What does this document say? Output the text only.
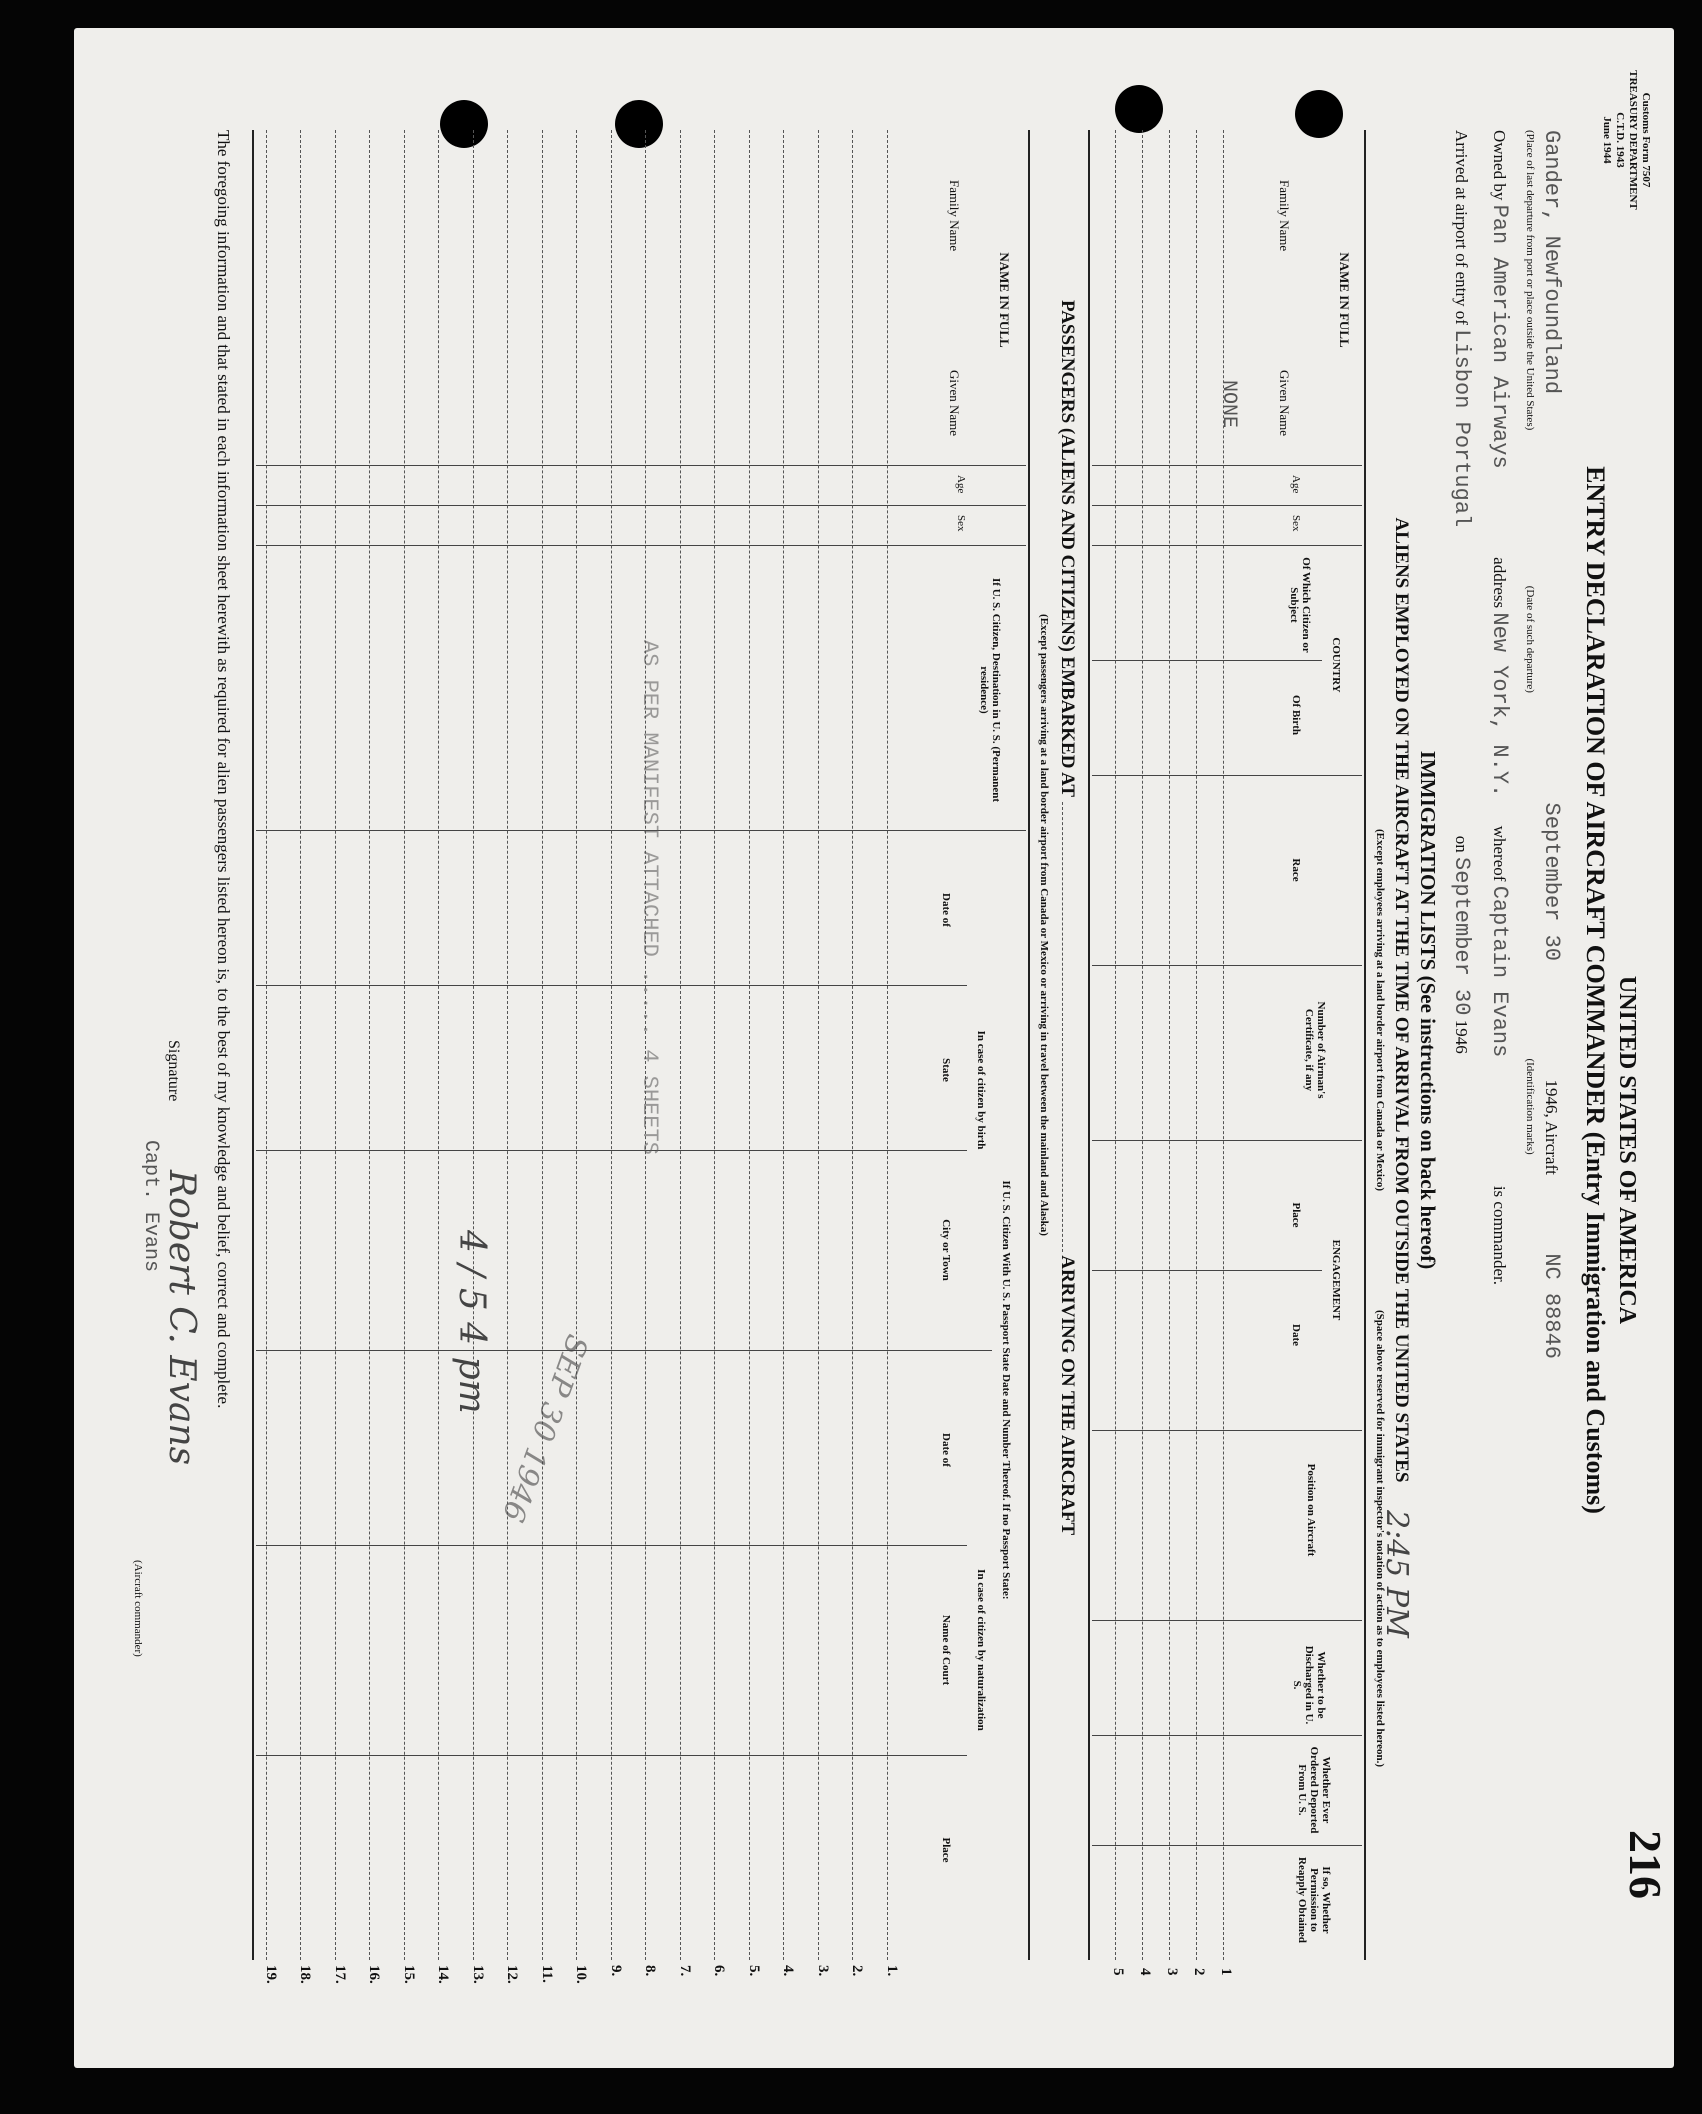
216
Customs Form 7507
TREASURY DEPARTMENT
C.T.D. 1943
June 1944
UNITED STATES OF AMERICA
ENTRY DECLARATION OF AIRCRAFT COMMANDER (Entry Immigration and Customs)
Gander, Newfoundland  September 30  1946, Aircraft  NC 88846
(Place of last departure from port or place outside the United States)  (Date of such departure)  (Identification marks)
Owned by Pan American Airways  address New York, N.Y.  whereof Captain Evans  is commander.
Arrived at airport of entry of Lisbon Portugal  on September 30 1946
IMMIGRATION LISTS (See instructions on back hereof)
ALIENS EMPLOYED ON THE AIRCRAFT AT THE TIME OF ARRIVAL FROM OUTSIDE THE UNITED STATES
(Except employees arriving at a land border airport from Canada or Mexico)
(Space above reserved for immigrant inspector's notation of action as to employees listed hereon.)
2:45 PM
NAME IN FULL
Family Name
Given Name
Age
Sex
COUNTRY
Of Which Citizen or Subject
Of Birth
Race
Number of Airman's Certificate, if any
ENGAGEMENT
Place
Date
Position on Aircraft
Whether to be Discharged in U. S.
Whether Ever Ordered Deported From U. S.
If so, Whether Permission to Reapply Obtained
NONE
1
2
3
4
5
PASSENGERS (ALIENS AND CITIZENS) EMBARKED AT  ARRIVING ON THE AIRCRAFT
(Except passengers arriving at a land border airport from Canada or Mexico or arriving in travel between the mainland and Alaska)
NAME IN FULL
Family Name
Given Name
Age
Sex
If U. S. Citizen, Destination in U. S. (Permanent residence)
If U. S. Citizen With U. S. Passport State Date and Number Thereof. If no Passport State:
In case of citizen by birth
In case of citizen by naturalization
Date of
State
City or Town
Date of
Name of Court
Place
1.
2.
3.
4.
5.
6.
7.
8.
9.
10.
11.
12.
13.
14.
15.
16.
17.
18.
19.
AS PER MANIFEST ATTACHED ..... 4 SHEETS
SEP 30 1946
4 / 5 4 pm
The foregoing information and that stated in each information sheet herewith as required for alien passengers listed hereon is, to the best of my knowledge and belief, correct and complete.
Signature
Robert C. Evans
Capt. Evans
(Aircraft commander)
